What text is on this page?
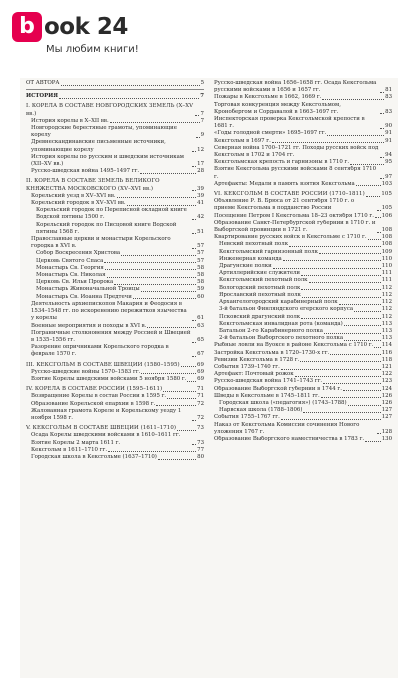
b ook 24
Мы любим книги!
ОТ АВТОРА	5
ИСТОРИЯ	7
I. КОРЕЛА В СОСТАВЕ НОВГОРОДСКИХ ЗЕМЕЛЬ (X–XV вв.)	7
История корелы в X–XII вв.	7
Новгородские берестяные грамоты, упоминающие корелу	9
Древнескандинавские письменные источники, упоминающие корелу	12
История корелы по русским и шведским источникам (XII–XV вв.)	17
Русско-шведская война 1495–1497 гг.	28
II. КОРЕЛА В СОСТАВЕ ЗЕМЕЛЬ ВЕЛИКОГО КНЯЖЕСТВА МОСКОВСКОГО (XV–XVI вв.)	39
Корельский уезд в XV–XVI вв.	39
Корельский городок в XV–XVI вв.	41
Корельский городок по Переписной окладной книге Водской пятины 1500 г.	42
Корельский городок по Писцовой книге Водской пятины 1568 г.	51
Православные церкви и монастыри Корельского городка в XVI в.	57
Собор Воскресения Христова	57
Церковь Святого Спаса	57
Монастырь Св. Георгия	58
Монастырь Св. Николая	58
Церковь Св. Ильи Пророка	58
Монастырь Живоначальной Троицы	59
Монастырь Св. Иоанна Предтечи	60
Деятельность архиепископов Макария и Феодосия в 1534–1548 гг. по искоренению пережитков язычества у корелы	61
Военные мероприятия и походы в XVI в.	63
Пограничные столкновения между Россией и Швецией в 1535–1556 гг.	65
Разорение опричниками Корельского городка в феврале 1570 г.	67
III. КЕКСГОЛЬМ В СОСТАВЕ ШВЕЦИИ (1580–1595)	69
Русско-шведские войны 1570–1583 гг.	69
Взятие Корелы шведскими войсками 5 ноября 1580 г. 69
IV. КОРЕЛА В СОСТАВЕ РОССИИ (1595–1611)	71
Возвращение Корелы в состав России в 1595 г.	71
Образование Корельской епархии в 1598 г.	72
Жалованная грамота Корелe и Корельскому уезду 1 ноября 1598 г.	72
V. КЕКСГОЛЬМ В СОСТАВЕ ШВЕЦИИ (1611–1710)	73
Осада Корелы шведскими войсками в 1610–1611 гг. Взятие Корелы 2 марта 1611 г.	73
Кексгольм в 1611–1710 гг.	77
Городская школа в Кексгольме (1637–1710)	80
Русско-шведская война 1656–1658 гг. Осада Кексгольма русскими войсками в 1656 и 1657 гг.	81
Пожары в Кексгольме в 1662, 1669 г.	83
Торговая конкуренция между Кексгольмом, Кронобергом и Сордавалой в 1663–1697 гг.	83
Инспекторская проверка Кексгольмской крепости в 1681 г.	90
«Годы голодной смерти» 1695–1697 гг.	91
Кексгольм в 1697 г.	91
Северная война 1700–1721 гг. Походы русских войск под Кексгольм в 1702 и 1704 гг.	94
Кексгольмская крепость и гарнизоны в 1710 г.	95
Взятие Кексгольма русскими войсками 8 сентября 1710 г.	97
Артефакты: Медали в память взятия Кексгольма	103
VI. КЕКСГОЛЬМ В СОСТАВЕ РОССИИ (1710–1811)	105
Объявление Р. В. Брюса от 21 сентября 1710 г. о приеме Кексгольма в подданство России	105
Посещение Петром I Кексгольма 18–23 октября 1710 г. 106
Образование Санкт-Петербургской губернии в 1710 г. и Выборгской провинции в 1721 г.	108
Квартирование русских войск в Кексгольме с 1710 г.	108
Невский пехотный полк	108
Кексгольмский гарнизонный полк	109
Инженерная команда	110
Драгунские полки	110
Артиллерийские служители	111
Кексгольмский пехотный полк	111
Вологодский пехотный полк	112
Ярославский пехотный полк	112
Архангелогородский карабинерный полк	112
3-й батальон Финляндского егерского корпуса	112
Псковский драгунский полк	112
Кексгольмская инвалидная рота (команда)	113
Батальон 2-го Карабинерного полка	113
2-й батальон Выборгского пехотного полка	113
Рыбные ловли на Вуоксе в районе Кексгольма с 1710 г. 114
Застройка Кексгольма в 1720–1730-х гг.	116
Ревизии Кексгольма в 1728 г.	118
События 1739–1740 гг.	121
Артефакт: Почтовый рожок	122
Русско-шведская война 1741–1743 гг.	123
Образование Выборгской губернии в 1744 г.	124
Шведы в Кексгольме в 1745–1811 гг.	126
Городская школа («педагогия») (1743–1788)	126
Нарвская школа (1788–1806)	127
События 1755–1767 гг.	127
Наказ от Кексгольма Комиссии сочинения Нового уложения 1767 г.	128
Образование Выборгского наместничества в 1783 г.	130
